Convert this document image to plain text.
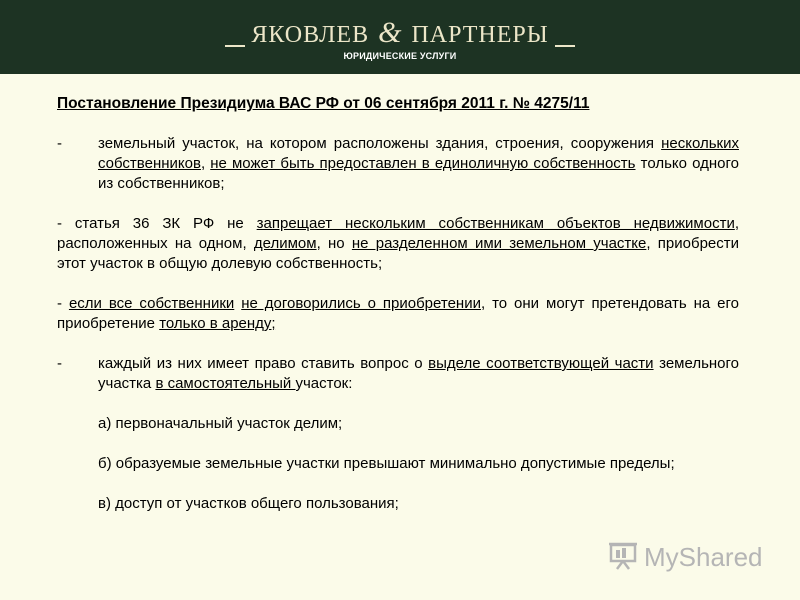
ЯКОВЛЕВ & ПАРТНЕРЫ
ЮРИДИЧЕСКИЕ УСЛУГИ
Постановление Президиума ВАС РФ от 06 сентября 2011 г. № 4275/11
- земельный участок, на котором расположены здания, строения, сооружения нескольких собственников, не может быть предоставлен в единоличную собственность только одного из собственников;

- статья 36 ЗК РФ не запрещает нескольким собственникам объектов недвижимости, расположенных на одном, делимом, но не разделенном ими земельном участке, приобрести этот участок в общую долевую собственность;

- если все собственники не договорились о приобретении, то они могут претендовать на его приобретение только в аренду;

- каждый из них имеет право ставить вопрос о выделе соответствующей части земельного участка в самостоятельный участок:
а) первоначальный участок делим;
б) образуемые земельные участки превышают минимально допустимые пределы;
в) доступ от участков общего пользования;
MyShared
